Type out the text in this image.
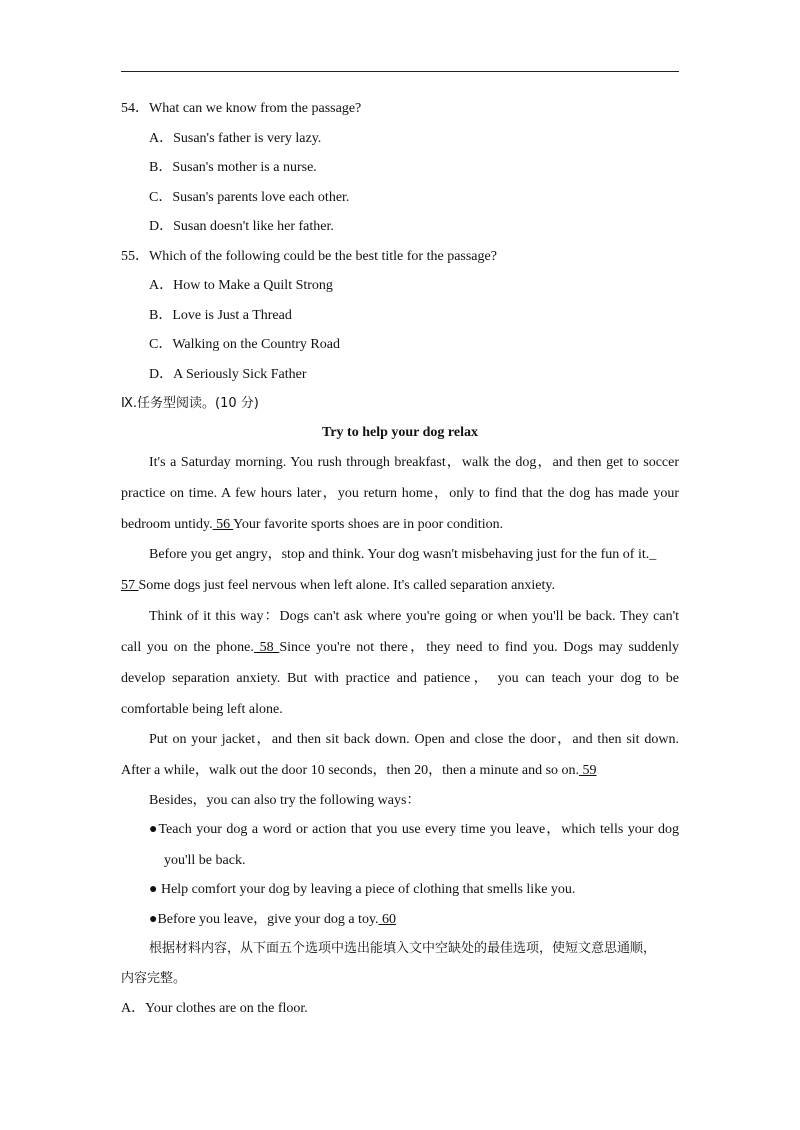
54．What can we know from the passage?
A．Susan's father is very lazy.
B．Susan's mother is a nurse.
C．Susan's parents love each other.
D．Susan doesn't like her father.
55．Which of the following could be the best title for the passage?
A．How to Make a Quilt Strong
B．Love is Just a Thread
C．Walking on the Country Road
D．A Seriously Sick Father
Ⅸ.任务型阅读。(10 分)
Try to help your dog relax
It's a Saturday morning. You rush through breakfast，walk the dog，and then get to soccer
practice on time. A few hours later，you return home，only to find that the dog has made your
bedroom untidy. 56 Your favorite sports shoes are in poor condition.
Before you get angry，stop and think. Your dog wasn't misbehaving just for the fun of it._
57 Some dogs just feel nervous when left alone. It's called separation anxiety.
Think of it this way：Dogs can't ask where you're going or when you'll be back. They can't
call you on the phone. 58 Since you're not there，they need to find you. Dogs may suddenly
develop separation anxiety. But with practice and patience， you can teach your dog to be
comfortable being left alone.
Put on your jacket，and then sit back down. Open and close the door，and then sit down.
After a while，walk out the door 10 seconds，then 20，then a minute and so on. 59
Besides，you can also try the following ways：
●Teach your dog a word or action that you use every time you leave，which tells your dog
you'll be back.
● Help comfort your dog by leaving a piece of clothing that smells like you.
●Before you leave，give your dog a toy. 60
根据材料内容，从下面五个选项中选出能填入文中空缺处的最佳选项，使短文意思通顺，
内容完整。
A．Your clothes are on the floor.
